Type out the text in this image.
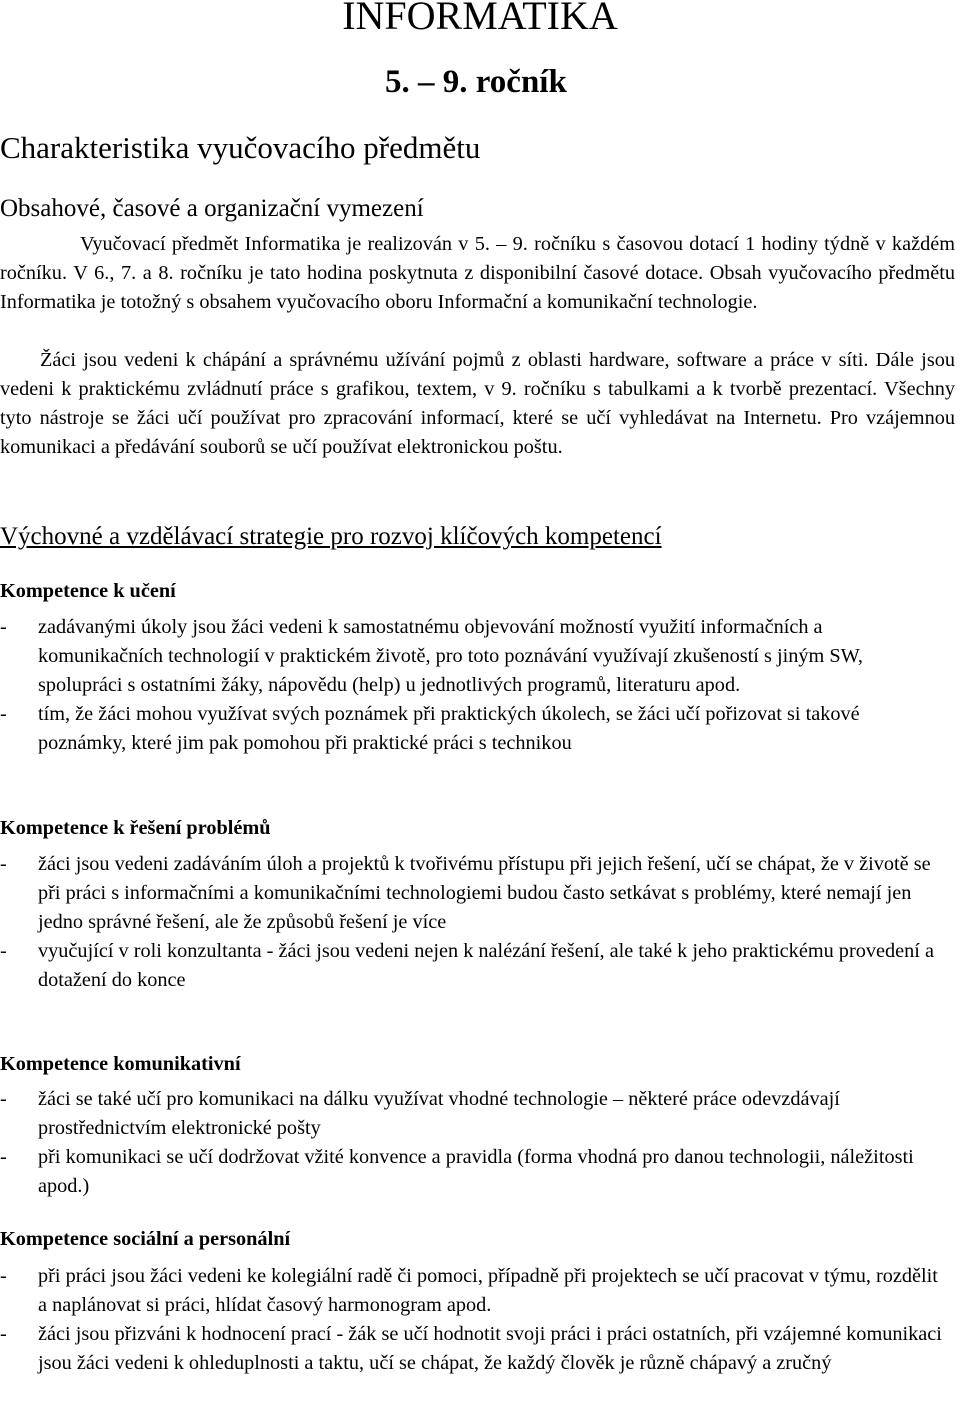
INFORMATIKA
5. – 9. ročník
Charakteristika vyučovacího předmětu
Obsahové, časové a organizační vymezení

Vyučovací předmět Informatika je realizován v 5. – 9. ročníku s časovou dotací 1 hodiny týdně v každém ročníku. V 6., 7. a 8. ročníku je tato hodina poskytnuta z disponibilní časové dotace. Obsah vyučovacího předmětu Informatika je totožný s obsahem vyučovacího oboru Informační a komunikační technologie.

Žáci jsou vedeni k chápání a správnému užívání pojmů z oblasti hardware, software a práce v síti. Dále jsou vedeni k praktickému zvládnutí práce s grafikou, textem, v 9. ročníku s tabulkami a k tvorbě prezentací. Všechny tyto nástroje se žáci učí používat pro zpracování informací, které se učí vyhledávat na Internetu. Pro vzájemnou komunikaci a předávání souborů se učí používat elektronickou poštu.

Výchovné a vzdělávací strategie pro rozvoj klíčových kompetencí
Kompetence k učení
- zadávanými úkoly jsou žáci vedeni k samostatnému objevování možností využití informačních a komunikačních technologií v praktickém životě, pro toto poznávání využívají zkušeností s jiným SW, spolupráci s ostatními žáky, nápovědu (help) u jednotlivých programů, literaturu apod.
- tím, že žáci mohou využívat svých poznámek při praktických úkolech, se žáci učí pořizovat si takové poznámky, které jim pak pomohou při praktické práci s technikou
Kompetence k řešení problémů
- žáci jsou vedeni zadáváním úloh a projektů k tvořivému přístupu při jejich řešení, učí se chápat, že v životě se při práci s informačními a komunikačními technologiemi budou často setkávat s problémy, které nemají jen jedno správné řešení, ale že způsobů řešení je více
- vyučující v roli konzultanta - žáci jsou vedeni nejen k nalézání řešení, ale také k jeho praktickému provedení a dotažení do konce
Kompetence komunikativní
- žáci se také učí pro komunikaci na dálku využívat vhodné technologie – některé práce odevzdávají prostřednictvím elektronické pošty
- při komunikaci se učí dodržovat vžité konvence a pravidla (forma vhodná pro danou technologii, náležitosti apod.)
Kompetence sociální a personální
- při práci jsou žáci vedeni ke kolegiální radě či pomoci, případně při projektech se učí pracovat v týmu, rozdělit a naplánovat si práci, hlídat časový harmonogram apod.
- žáci jsou přizváni k hodnocení prací - žák se učí hodnotit svoji práci i práci ostatních, při vzájemné komunikaci jsou žáci vedeni k ohleduplnosti a taktu, učí se chápat, že každý člověk je různě chápavý a zručný
